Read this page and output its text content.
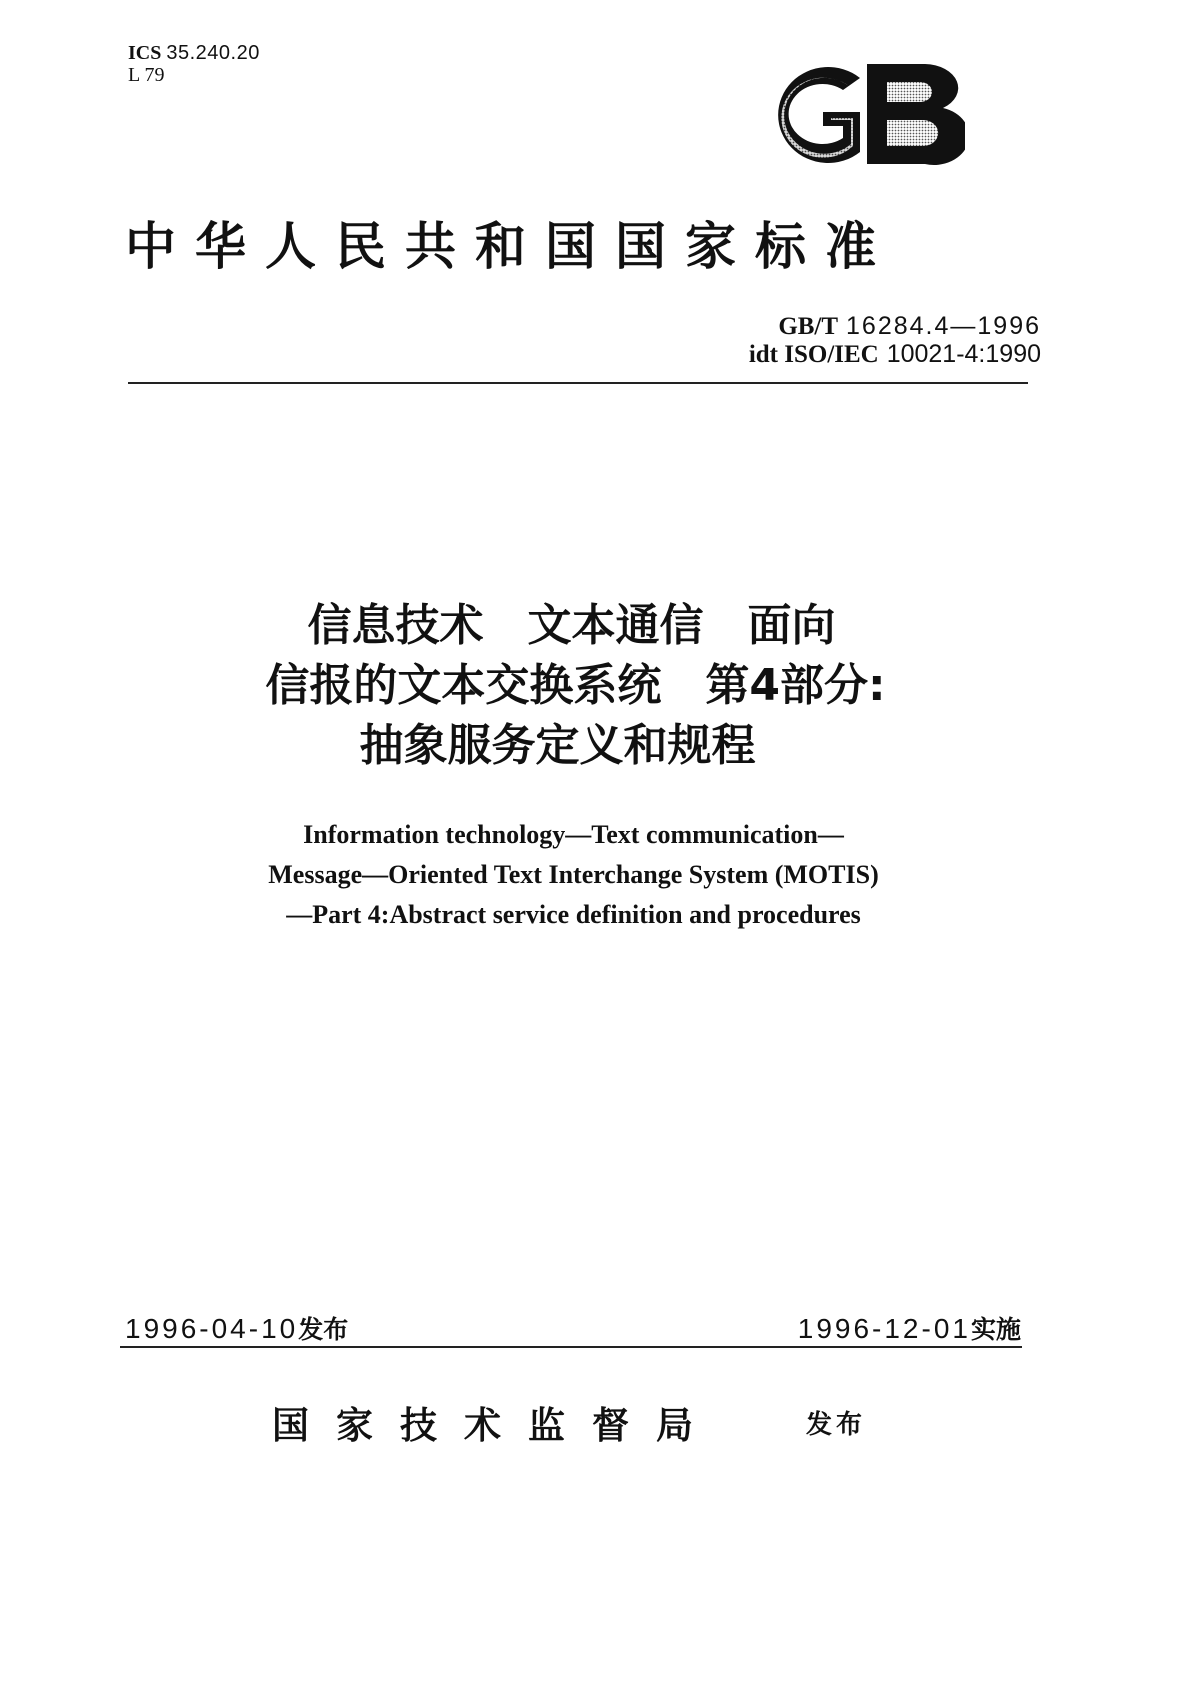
ICS 35.240.20
L 79
中华人民共和国国家标准
GB/T 16284.4—1996
idt ISO/IEC 10021-4:1990
信息技术　文本通信　面向
信报的文本交换系统　第4部分:
抽象服务定义和规程
Information technology—Text communication—
Message—Oriented Text Interchange System (MOTIS)
—Part 4:Abstract service definition and procedures
1996-04-10发布	1996-12-01实施
国家技术监督局	发布
